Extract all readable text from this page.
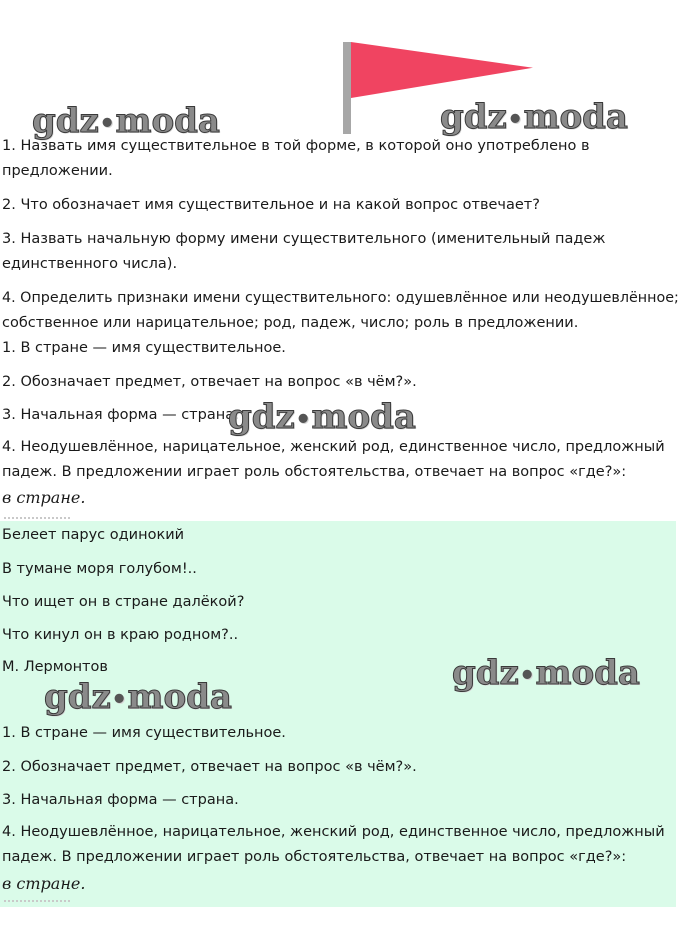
gdz•moda	gdz•moda
gdz•moda
gdz•moda
gdz•moda
1. Назвать имя существительное в той форме, в которой оно употреблено в
предложении.
2. Что обозначает имя существительное и на какой вопрос отвечает?
3. Назвать начальную форму имени существительного (именительный падеж
единственного числа).
4. Определить признаки имени существительного: одушевлённое или неодушевлённое;
собственное или нарицательное; род, падеж, число; роль в предложении.
1. В стране — имя существительное.
2. Обозначает предмет, отвечает на вопрос «в чём?».
3. Начальная форма — страна.
4. Неодушевлённое, нарицательное, женский род, единственное число, предложный
падеж. В предложении играет роль обстоятельства, отвечает на вопрос «где?»:
в стране.
Белеет парус одинокий
В тумане моря голубом!..
Что ищет он в стране далёкой?
Что кинул он в краю родном?..
М. Лермонтов
1. В стране — имя существительное.
2. Обозначает предмет, отвечает на вопрос «в чём?».
3. Начальная форма — страна.
4. Неодушевлённое, нарицательное, женский род, единственное число, предложный
падеж. В предложении играет роль обстоятельства, отвечает на вопрос «где?»:
в стране.
